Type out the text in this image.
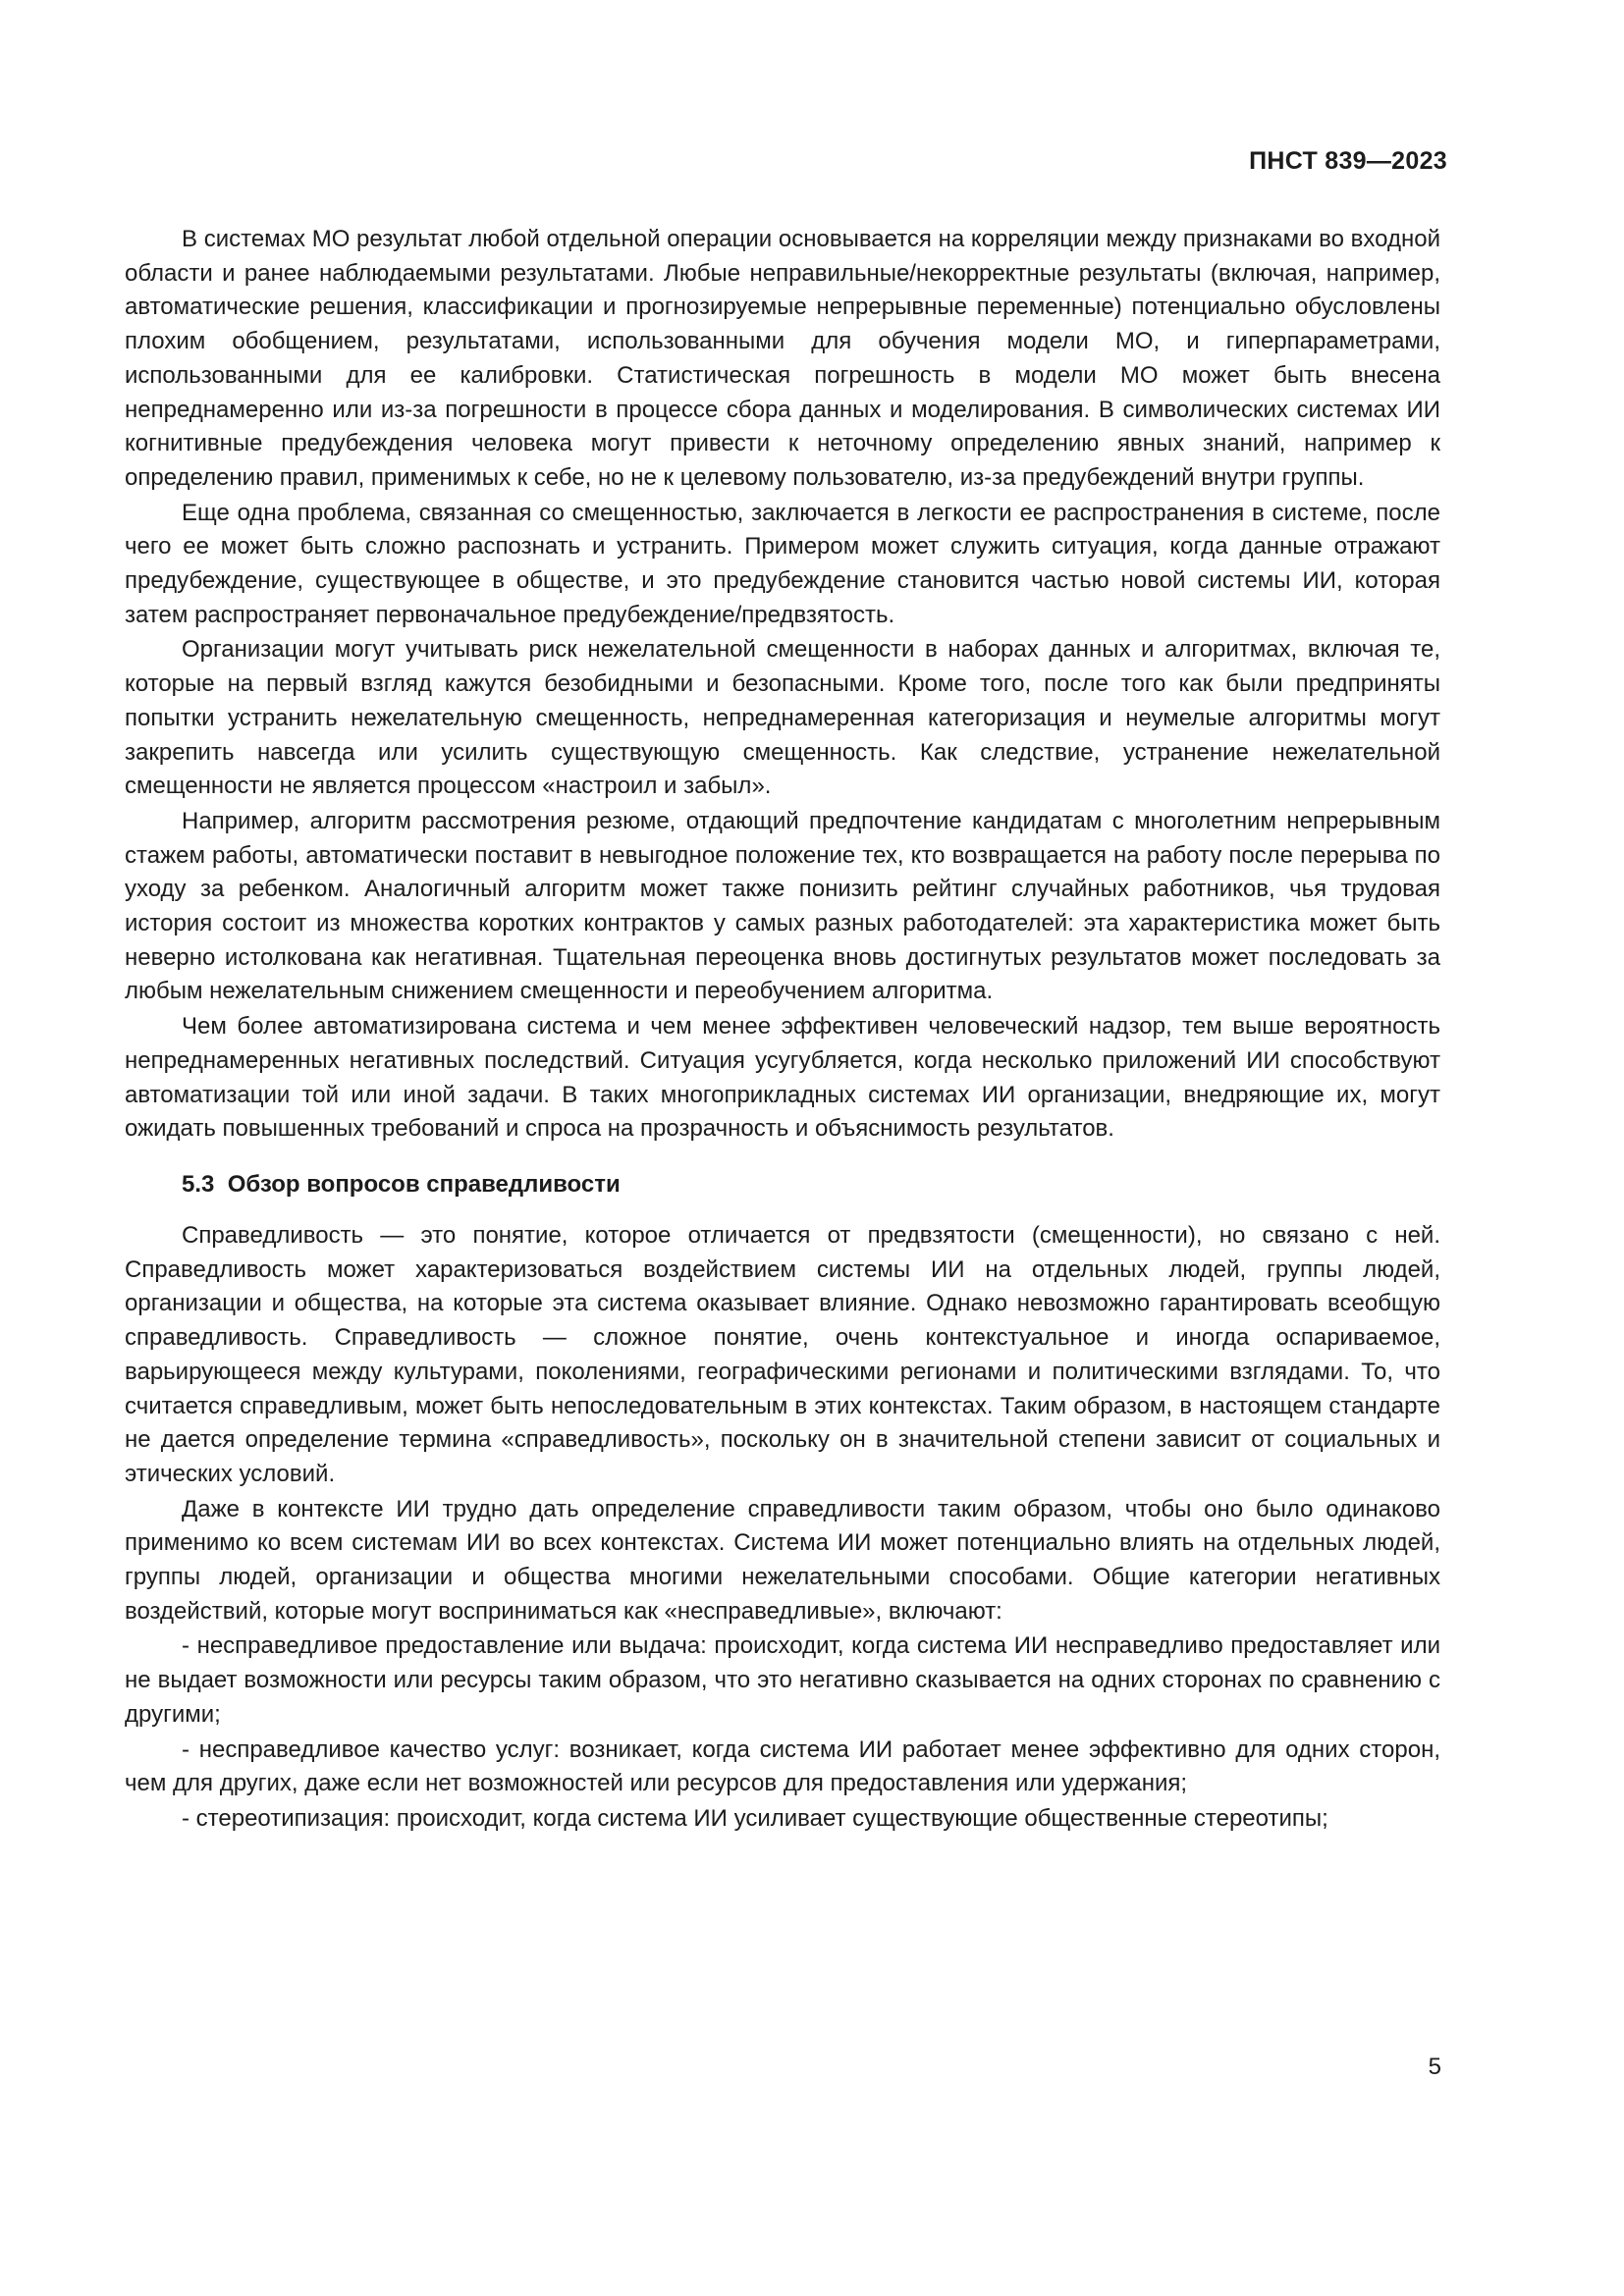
ПНСТ 839—2023

В системах МО результат любой отдельной операции основывается на корреляции между признаками во входной области и ранее наблюдаемыми результатами. Любые неправильные/некорректные результаты (включая, например, автоматические решения, классификации и прогнозируемые непрерывные переменные) потенциально обусловлены плохим обобщением, результатами, использованными для обучения модели МО, и гиперпараметрами, использованными для ее калибровки. Статистическая погрешность в модели МО может быть внесена непреднамеренно или из-за погрешности в процессе сбора данных и моделирования. В символических системах ИИ когнитивные предубеждения человека могут привести к неточному определению явных знаний, например к определению правил, применимых к себе, но не к целевому пользователю, из-за предубеждений внутри группы.

Еще одна проблема, связанная со смещенностью, заключается в легкости ее распространения в системе, после чего ее может быть сложно распознать и устранить. Примером может служить ситуация, когда данные отражают предубеждение, существующее в обществе, и это предубеждение становится частью новой системы ИИ, которая затем распространяет первоначальное предубеждение/предвзятость.

Организации могут учитывать риск нежелательной смещенности в наборах данных и алгоритмах, включая те, которые на первый взгляд кажутся безобидными и безопасными. Кроме того, после того как были предприняты попытки устранить нежелательную смещенность, непреднамеренная категоризация и неумелые алгоритмы могут закрепить навсегда или усилить существующую смещенность. Как следствие, устранение нежелательной смещенности не является процессом «настроил и забыл».

Например, алгоритм рассмотрения резюме, отдающий предпочтение кандидатам с многолетним непрерывным стажем работы, автоматически поставит в невыгодное положение тех, кто возвращается на работу после перерыва по уходу за ребенком. Аналогичный алгоритм может также понизить рейтинг случайных работников, чья трудовая история состоит из множества коротких контрактов у самых разных работодателей: эта характеристика может быть неверно истолкована как негативная. Тщательная переоценка вновь достигнутых результатов может последовать за любым нежелательным снижением смещенности и переобучением алгоритма.

Чем более автоматизирована система и чем менее эффективен человеческий надзор, тем выше вероятность непреднамеренных негативных последствий. Ситуация усугубляется, когда несколько приложений ИИ способствуют автоматизации той или иной задачи. В таких многоприкладных системах ИИ организации, внедряющие их, могут ожидать повышенных требований и спроса на прозрачность и объяснимость результатов.

5.3 Обзор вопросов справедливости

Справедливость — это понятие, которое отличается от предвзятости (смещенности), но связано с ней. Справедливость может характеризоваться воздействием системы ИИ на отдельных людей, группы людей, организации и общества, на которые эта система оказывает влияние. Однако невозможно гарантировать всеобщую справедливость. Справедливость — сложное понятие, очень контекстуальное и иногда оспариваемое, варьирующееся между культурами, поколениями, географическими регионами и политическими взглядами. То, что считается справедливым, может быть непоследовательным в этих контекстах. Таким образом, в настоящем стандарте не дается определение термина «справедливость», поскольку он в значительной степени зависит от социальных и этических условий.

Даже в контексте ИИ трудно дать определение справедливости таким образом, чтобы оно было одинаково применимо ко всем системам ИИ во всех контекстах. Система ИИ может потенциально влиять на отдельных людей, группы людей, организации и общества многими нежелательными способами. Общие категории негативных воздействий, которые могут восприниматься как «несправедливые», включают:

- несправедливое предоставление или выдача: происходит, когда система ИИ несправедливо предоставляет или не выдает возможности или ресурсы таким образом, что это негативно сказывается на одних сторонах по сравнению с другими;

- несправедливое качество услуг: возникает, когда система ИИ работает менее эффективно для одних сторон, чем для других, даже если нет возможностей или ресурсов для предоставления или удержания;

- стереотипизация: происходит, когда система ИИ усиливает существующие общественные стереотипы;

5
